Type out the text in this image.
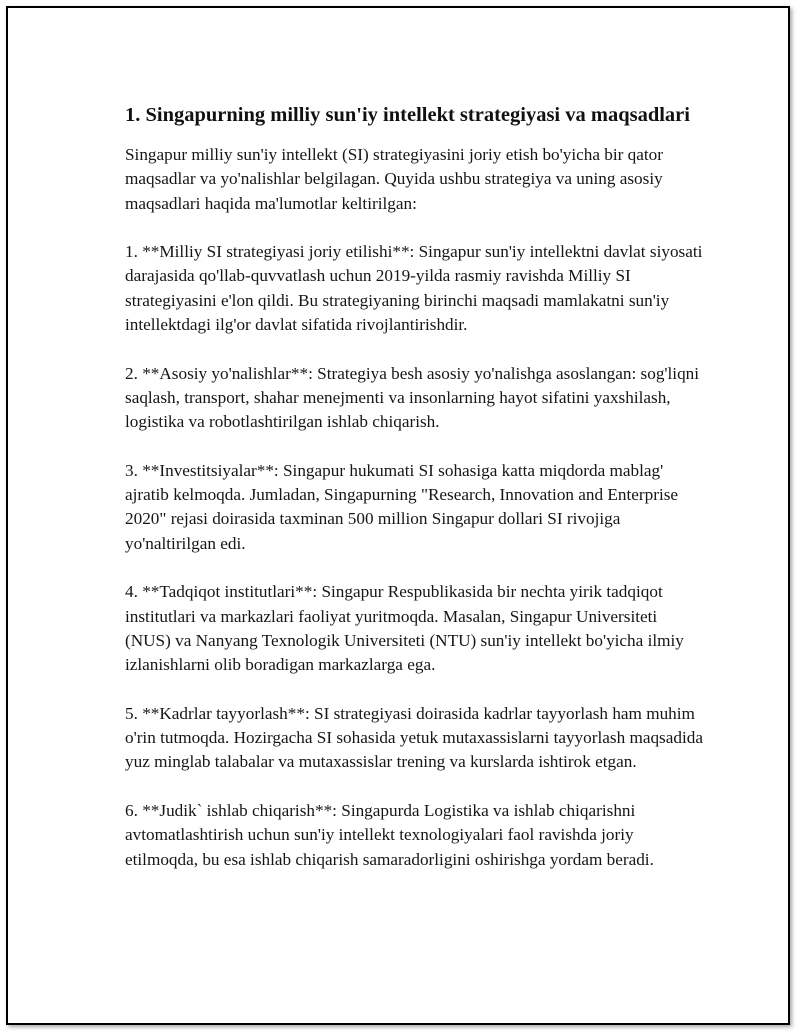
1. Singapurning milliy sun'iy intellekt strategiyasi va maqsadlari

Singapur milliy sun'iy intellekt (SI) strategiyasini joriy etish bo'yicha bir qator maqsadlar va yo'nalishlar belgilagan. Quyida ushbu strategiya va uning asosiy maqsadlari haqida ma'lumotlar keltirilgan:

1. **Milliy SI strategiyasi joriy etilishi**: Singapur sun'iy intellektni davlat siyosati darajasida qo'llab-quvvatlash uchun 2019-yilda rasmiy ravishda Milliy SI strategiyasini e'lon qildi. Bu strategiyaning birinchi maqsadi mamlakatni sun'iy intellektdagi ilg'or davlat sifatida rivojlantirishdir.

2. **Asosiy yo'nalishlar**: Strategiya besh asosiy yo'nalishga asoslangan: sog'liqni saqlash, transport, shahar menejmenti va insonlarning hayot sifatini yaxshilash, logistika va robotlashtirilgan ishlab chiqarish.

3. **Investitsiyalar**: Singapur hukumati SI sohasiga katta miqdorda mablag' ajratib kelmoqda. Jumladan, Singapurning "Research, Innovation and Enterprise 2020" rejasi doirasida taxminan 500 million Singapur dollari SI rivojiga yo'naltirilgan edi.

4. **Tadqiqot institutlari**: Singapur Respublikasida bir nechta yirik tadqiqot institutlari va markazlari faoliyat yuritmoqda. Masalan, Singapur Universiteti (NUS) va Nanyang Texnologik Universiteti (NTU) sun'iy intellekt bo'yicha ilmiy izlanishlarni olib boradigan markazlarga ega.

5. **Kadrlar tayyorlash**: SI strategiyasi doirasida kadrlar tayyorlash ham muhim o'rin tutmoqda. Hozirgacha SI sohasida yetuk mutaxassislarni tayyorlash maqsadida yuz minglab talabalar va mutaxassislar trening va kurslarda ishtirok etgan.

6. **Judik` ishlab chiqarish**: Singapurda Logistika va ishlab chiqarishni avtomatlashtirish uchun sun'iy intellekt texnologiyalari faol ravishda joriy etilmoqda, bu esa ishlab chiqarish samaradorligini oshirishga yordam beradi.
